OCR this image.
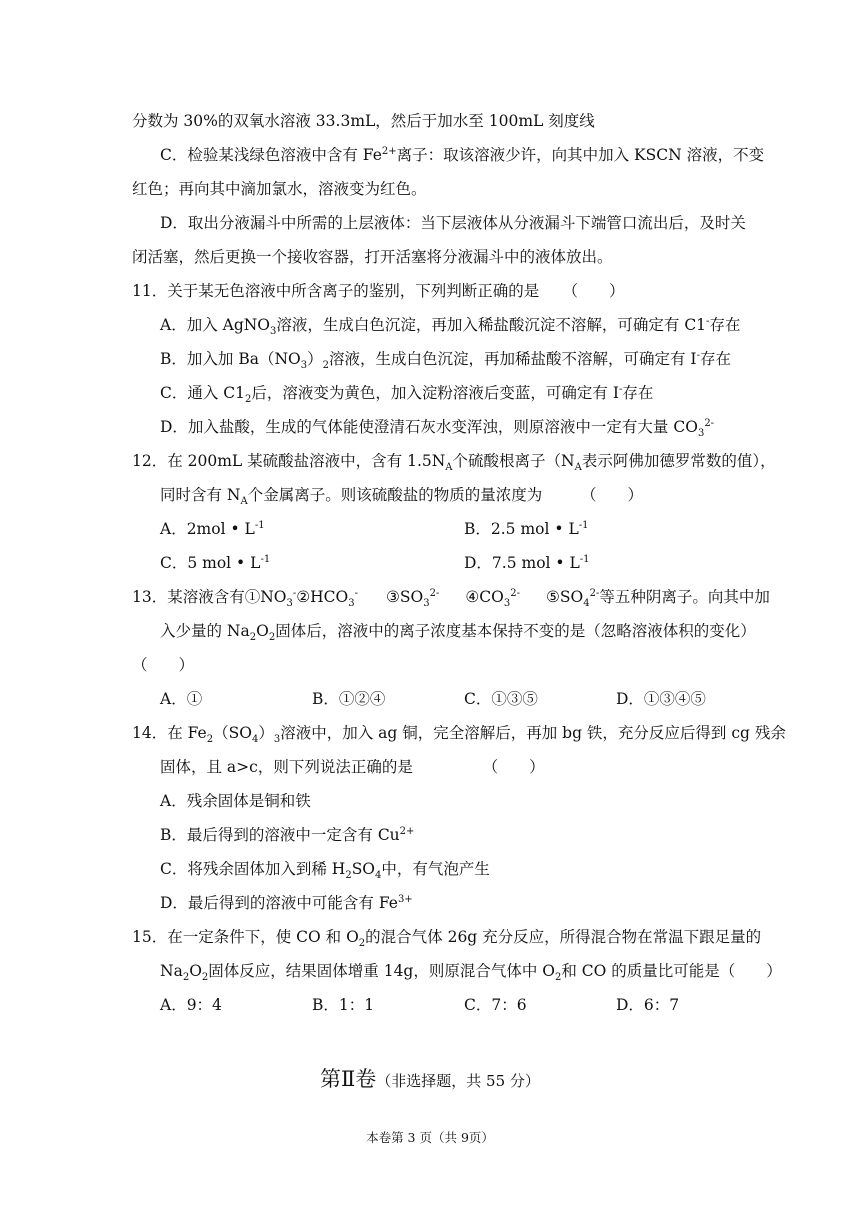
分数为 30%的双氧水溶液 33.3mL，然后于加水至 100mL 刻度线
C．检验某浅绿色溶液中含有 $Fe^{2+}$离子：取该溶液少许，向其中加入 KSCN 溶液，不变
红色；再向其中滴加氯水，溶液变为红色。
D．取出分液漏斗中所需的上层液体：当下层液体从分液漏斗下端管口流出后，及时关
闭活塞，然后更换一个接收容器，打开活塞将分液漏斗中的液体放出。
11．关于某无色溶液中所含离子的鉴别，下列判断正确的是　　（　　）
A．加入 AgNO$_3$溶液，生成白色沉淀，再加入稀盐酸沉淀不溶解，可确定有 C1-存在
B．加入加 $Ba(NO_3)_2$溶液，生成白色沉淀，再加稀盐酸不溶解，可确定有 I-存在
C．通入 $C1_2$后，溶液变为黄色，加入淀粉溶液后变蓝，可确定有 I-存在
D．加入盐酸，生成的气体能使澄清石灰水变浑浊，则原溶液中一定有大量 $CO_3^{2-}$
12．在 200mL 某硫酸盐溶液中，含有 $1.5N_A$个硫酸根离子（$N_A$表示阿佛加德罗常数的值），
同时含有 $N_A$个金属离子。则该硫酸盐的物质的量浓度为　　　（　　）
A．2mol • $L^{-1}$	B．2.5 mol • $L^{-1}$
C．5 mol • $L^{-1}$	D．7.5 mol • $L^{-1}$
13．某溶液含有$①NO_3^-②HCO_3^-$ $③SO_3^{2-}$ $④CO_3^{2-}$ $⑤SO_4^{2-}$等五种阴离子。向其中加
入少量的 $Na_2O_2$固体后，溶液中的离子浓度基本保持不变的是（忽略溶液体积的变化）
（　　）
A．①	B．①②④	C．①③⑤	D．①③④⑤
14．在 $Fe_2(SO_4)_3$溶液中，加入 ag 铜，完全溶解后，再加 bg 铁，充分反应后得到 cg 残余
固体，且 a>c，则下列说法正确的是　　　　　（　　）
A．残余固体是铜和铁
B．最后得到的溶液中一定含有 $Cu^{2+}$
C．将残余固体加入到稀 $H_2SO_4$中，有气泡产生
D．最后得到的溶液中可能含有 $Fe^{3+}$
15．在一定条件下，使 CO 和 $O_2$的混合气体 26g 充分反应，所得混合物在常温下跟足量的
$Na_2O_2$固体反应，结果固体增重 14g，则原混合气体中 $O_2$和 CO 的质量比可能是（　　）
A．9：4	B．1：1	C．7：6	D．6：7
第Ⅱ卷（非选择题，共 55 分）
本卷第 3 页（共 9页）
